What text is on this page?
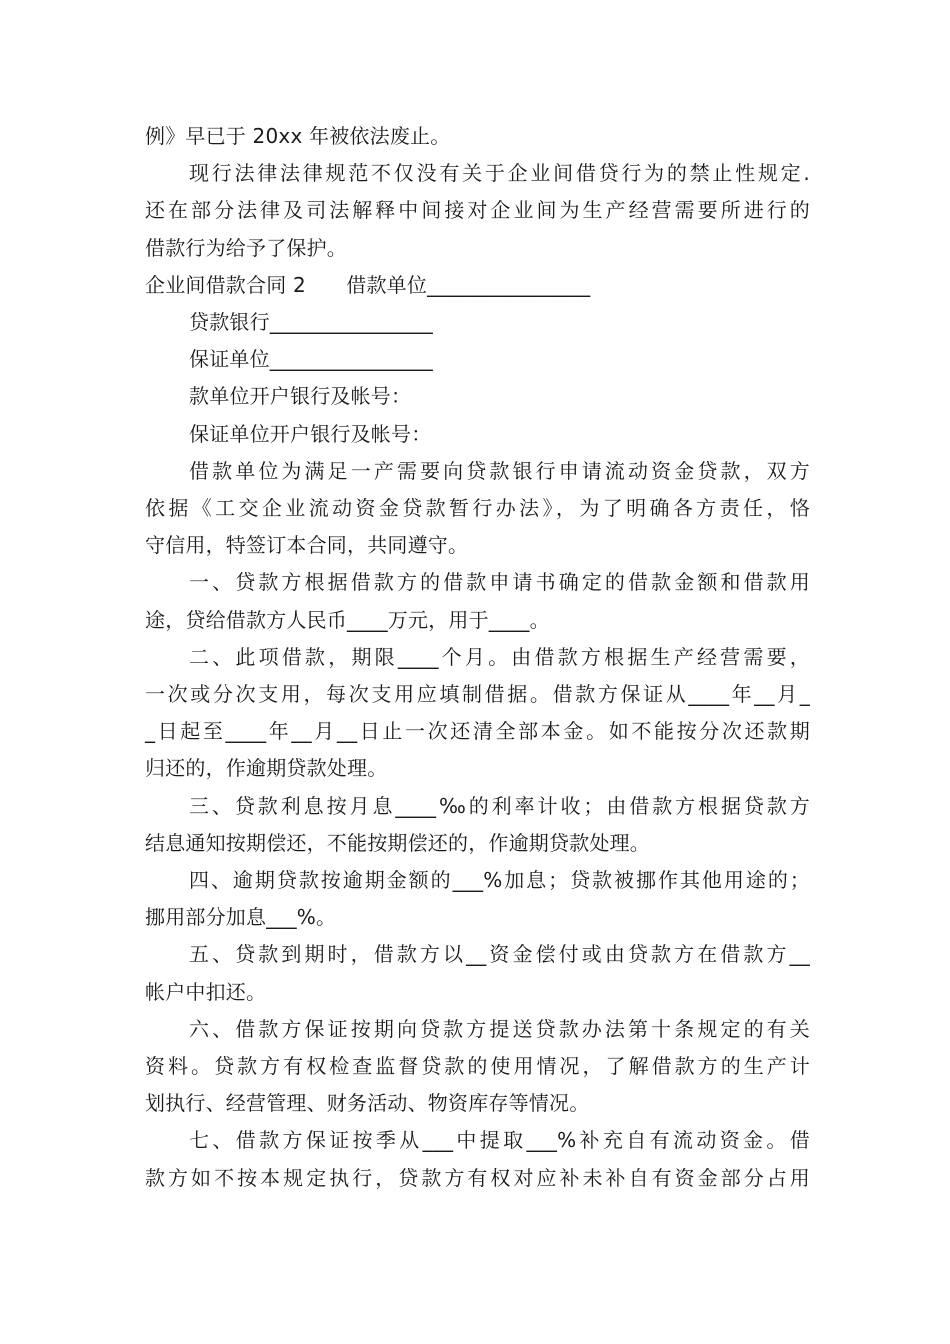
例》早已于 20xx 年被依法废止。

现行法律法律规范不仅没有关于企业间借贷行为的禁止性规定.

还在部分法律及司法解释中间接对企业间为生产经营需要所进行的

借款行为给予了保护。

企业间借款合同 2　　借款单位________________

贷款银行________________

保证单位________________

款单位开户银行及帐号：

保证单位开户银行及帐号：

借款单位为满足一产需要向贷款银行申请流动资金贷款，双方

依据《工交企业流动资金贷款暂行办法》，为了明确各方责任，恪

守信用，特签订本合同，共同遵守。

一、贷款方根据借款方的借款申请书确定的借款金额和借款用

途，贷给借款方人民币____万元，用于____。

二、此项借款，期限____个月。由借款方根据生产经营需要，

一次或分次支用，每次支用应填制借据。借款方保证从____年__月_

_日起至____年__月__日止一次还清全部本金。如不能按分次还款期

归还的，作逾期贷款处理。

三、贷款利息按月息____‰的利率计收；由借款方根据贷款方

结息通知按期偿还，不能按期偿还的，作逾期贷款处理。

四、逾期贷款按逾期金额的___%加息；贷款被挪作其他用途的；

挪用部分加息___%。

五、贷款到期时，借款方以__资金偿付或由贷款方在借款方__

帐户中扣还。

六、借款方保证按期向贷款方提送贷款办法第十条规定的有关

资料。贷款方有权检查监督贷款的使用情况，了解借款方的生产计

划执行、经营管理、财务活动、物资库存等情况。

七、借款方保证按季从___中提取___%补充自有流动资金。借

款方如不按本规定执行，贷款方有权对应补未补自有资金部分占用
